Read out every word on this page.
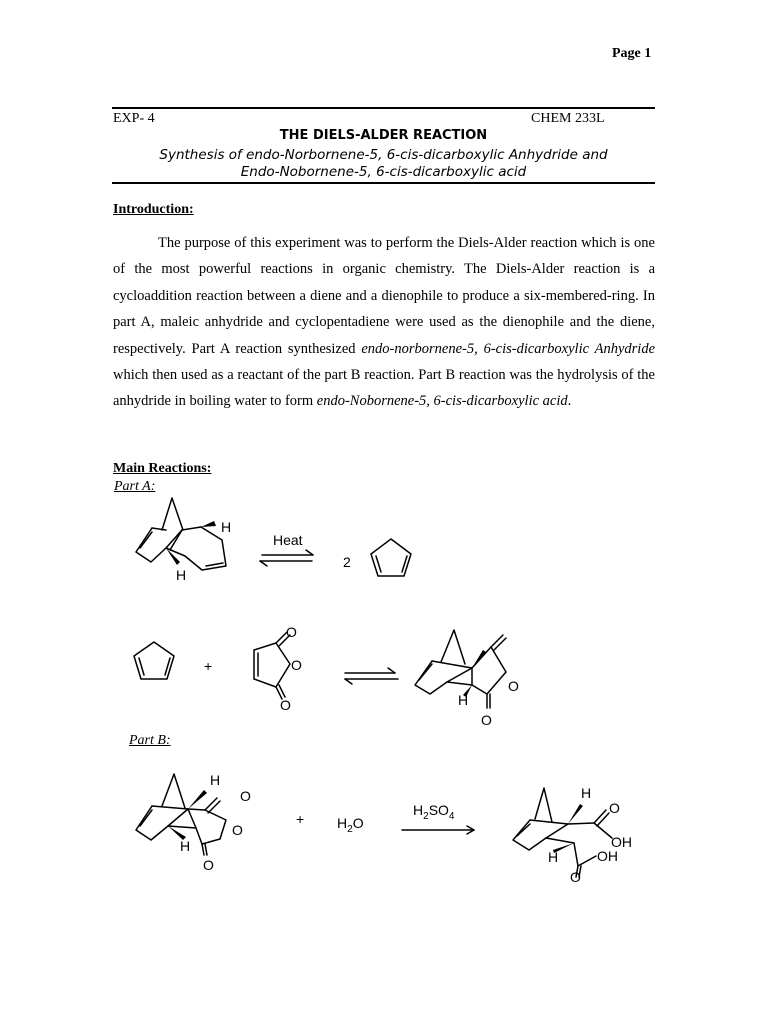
Page 1
EXP- 4	CHEM 233L
THE DIELS-ALDER REACTION
Synthesis of endo-Norbornene-5, 6-cis-dicarboxylic Anhydride and
Endo-Nobornene-5, 6-cis-dicarboxylic acid
Introduction:

The purpose of this experiment was to perform the Diels-Alder reaction which is one of the most powerful reactions in organic chemistry. The Diels-Alder reaction is a cycloaddition reaction between a diene and a dienophile to produce a six-membered-ring. In part A, maleic anhydride and cyclopentadiene were used as the dienophile and the diene, respectively. Part A reaction synthesized endo-norbornene-5, 6-cis-dicarboxylic Anhydride which then used as a reactant of the part B reaction. Part B reaction was the hydrolysis of the anhydride in boiling water to form endo-Nobornene-5, 6-cis-dicarboxylic acid.

Main Reactions:
Part A:
Part B:
H
H
Heat
2
+
O
O
O	H
O
O
H
O
O
H
O
+ $H_2O$
$H_2SO_4$
H
O
OH
H	OH
O
